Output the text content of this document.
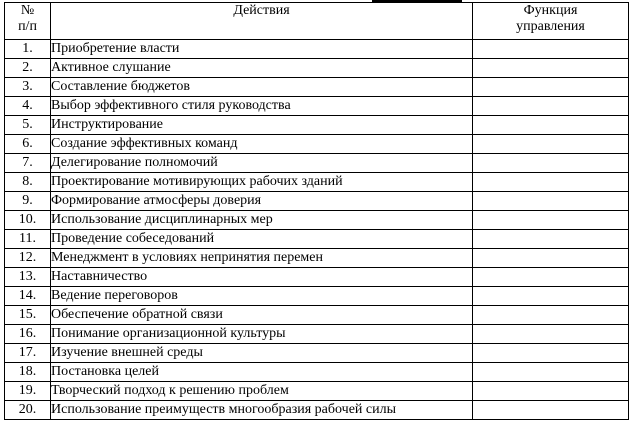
№
п/п	Действия	Функция
управления

1.	Приобретение власти	
2.	Активное слушание	
3.	Составление бюджетов	
4.	Выбор эффективного стиля руководства	
5.	Инструктирование	
6.	Создание эффективных команд	
7.	Делегирование полномочий	
8.	Проектирование мотивирующих рабочих зданий	
9.	Формирование атмосферы доверия	
10.	Использование дисциплинарных мер	
11.	Проведение собеседований	
12.	Менеджмент в условиях непринятия перемен	
13.	Наставничество	
14.	Ведение переговоров	
15.	Обеспечение обратной связи	
16.	Понимание организационной культуры	
17.	Изучение внешней среды	
18.	Постановка целей	
19.	Творческий подход к решению проблем	
20.	Использование преимуществ многообразия рабочей силы	
